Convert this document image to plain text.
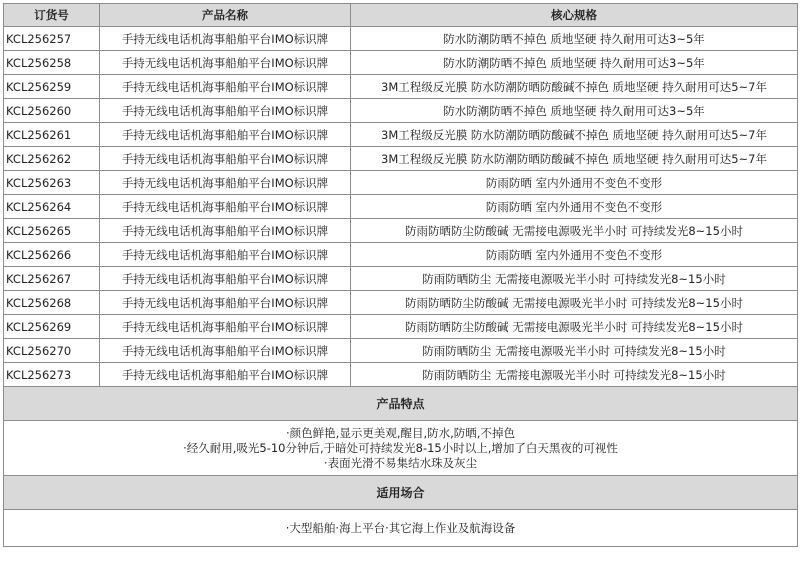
订货号	产品名称	核心规格
KCL256257	手持无线电话机海事船舶平台IMO标识牌	防水防潮防晒不掉色 质地坚硬 持久耐用可达3~5年
KCL256258	手持无线电话机海事船舶平台IMO标识牌	防水防潮防晒不掉色 质地坚硬 持久耐用可达3~5年
KCL256259	手持无线电话机海事船舶平台IMO标识牌	3M工程级反光膜 防水防潮防晒防酸碱不掉色 质地坚硬 持久耐用可达5~7年
KCL256260	手持无线电话机海事船舶平台IMO标识牌	防水防潮防晒不掉色 质地坚硬 持久耐用可达3~5年
KCL256261	手持无线电话机海事船舶平台IMO标识牌	3M工程级反光膜 防水防潮防晒防酸碱不掉色 质地坚硬 持久耐用可达5~7年
KCL256262	手持无线电话机海事船舶平台IMO标识牌	3M工程级反光膜 防水防潮防晒防酸碱不掉色 质地坚硬 持久耐用可达5~7年
KCL256263	手持无线电话机海事船舶平台IMO标识牌	防雨防晒 室内外通用不变色不变形
KCL256264	手持无线电话机海事船舶平台IMO标识牌	防雨防晒 室内外通用不变色不变形
KCL256265	手持无线电话机海事船舶平台IMO标识牌	防雨防晒防尘防酸碱 无需接电源吸光半小时 可持续发光8~15小时
KCL256266	手持无线电话机海事船舶平台IMO标识牌	防雨防晒 室内外通用不变色不变形
KCL256267	手持无线电话机海事船舶平台IMO标识牌	防雨防晒防尘 无需接电源吸光半小时 可持续发光8~15小时
KCL256268	手持无线电话机海事船舶平台IMO标识牌	防雨防晒防尘防酸碱 无需接电源吸光半小时 可持续发光8~15小时
KCL256269	手持无线电话机海事船舶平台IMO标识牌	防雨防晒防尘防酸碱 无需接电源吸光半小时 可持续发光8~15小时
KCL256270	手持无线电话机海事船舶平台IMO标识牌	防雨防晒防尘 无需接电源吸光半小时 可持续发光8~15小时
KCL256273	手持无线电话机海事船舶平台IMO标识牌	防雨防晒防尘 无需接电源吸光半小时 可持续发光8~15小时
产品特点		

·颜色鲜艳,显示更美观,醒目,防水,防晒,不掉色
·经久耐用,吸光5-10分钟后,于暗处可持续发光8-15小时以上,增加了白天黑夜的可视性
·表面光滑不易集结水珠及灰尘		

适用场合		
·大型船舶·海上平台·其它海上作业及航海设备		
